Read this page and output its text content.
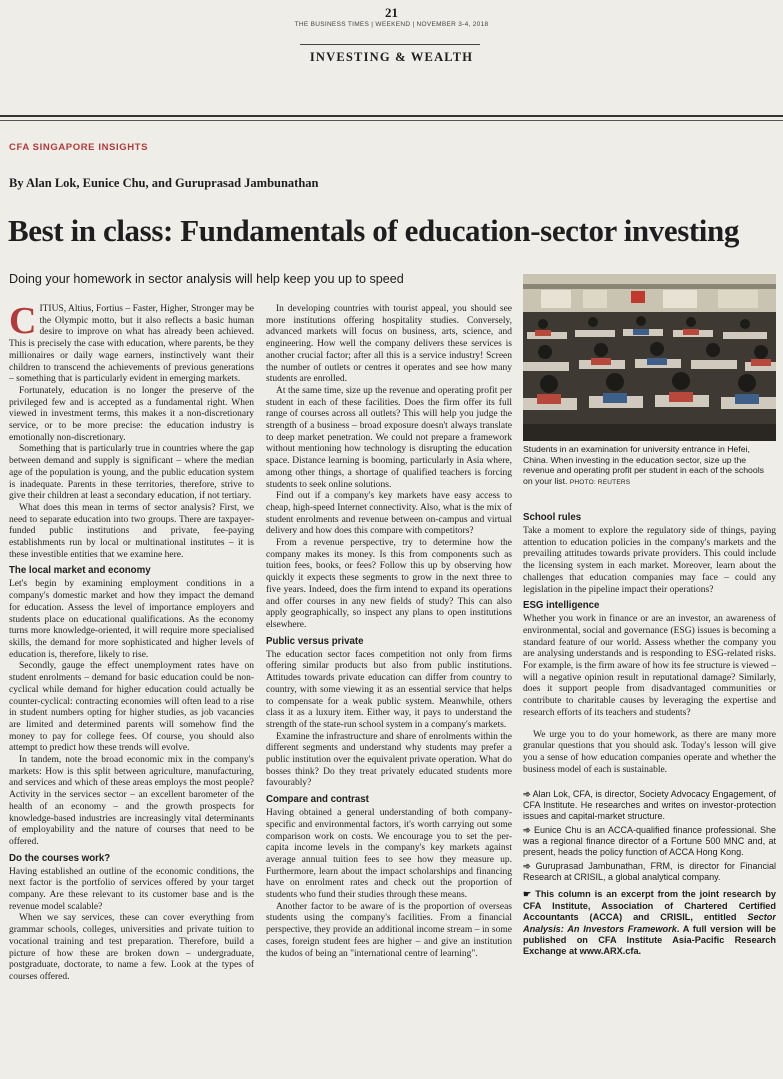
21
THE BUSINESS TIMES | WEEKEND | NOVEMBER 3-4, 2018
INVESTING & WEALTH
CFA SINGAPORE INSIGHTS
By Alan Lok, Eunice Chu, and Guruprasad Jambunathan
Best in class: Fundamentals of education-sector investing
Doing your homework in sector analysis will help keep you up to speed

CITIUS, Altius, Fortius – Faster, Higher, Stronger may be the Olympic motto, but it also reflects a basic human desire to improve on what has already been achieved. This is precisely the case with education, where parents, be they millionaires or daily wage earners, instinctively want their children to transcend the achievements of previous generations – something that is particularly evident in emerging markets.

Fortunately, education is no longer the preserve of the privileged few and is accepted as a fundamental right. When viewed in investment terms, this makes it a non-discretionary service, or to be more precise: the education industry is emotionally non-discretionary.

Something that is particularly true in countries where the gap between demand and supply is significant – where the median age of the population is young, and the public education system is inadequate. Parents in these territories, therefore, strive to give their children at least a secondary education, if not tertiary.

What does this mean in terms of sector analysis? First, we need to separate education into two groups. There are taxpayer-funded public institutions and private, fee-paying establishments run by local or multinational institutes – it is these investible entities that we examine here.

The local market and economy

Let's begin by examining employment conditions in a company's domestic market and how they impact the demand for education. Assess the level of importance employers and students place on educational qualifications. As the economy turns more knowledge-oriented, it will require more specialised skills, the demand for more sophisticated and higher levels of education is, therefore, likely to rise.

Secondly, gauge the effect unemployment rates have on student enrolments – demand for basic education could be non-cyclical while demand for higher education could actually be counter-cyclical: contracting economies will often lead to a rise in student numbers opting for higher studies, as job vacancies are limited and determined parents will somehow find the money to pay for college fees. Of course, you should also attempt to predict how these trends will evolve.

In tandem, note the broad economic mix in the company's markets: How is this split between agriculture, manufacturing, and services and which of these areas employs the most people? Activity in the services sector – an excellent barometer of the health of an economy – and the growth prospects for knowledge-based industries are increasingly vital determinants of employability and the nature of courses that need to be offered.

Do the courses work?

Having established an outline of the economic conditions, the next factor is the portfolio of services offered by your target company. Are these relevant to its customer base and is the revenue model scalable?

When we say services, these can cover everything from grammar schools, colleges, universities and private tuition to vocational training and test preparation. Therefore, build a picture of how these are broken down – undergraduate, postgraduate, doctorate, to name a few. Look at the types of courses offered.

In developing countries with tourist appeal, you should see more institutions offering hospitality studies. Conversely, advanced markets will focus on business, arts, science, and engineering. How well the company delivers these services is another crucial factor; after all this is a service industry! Screen the number of outlets or centres it operates and see how many students are enrolled.

At the same time, size up the revenue and operating profit per student in each of these facilities. Does the firm offer its full range of courses across all outlets? This will help you judge the strength of a business – broad exposure doesn't always translate to deep market penetration. We could not prepare a framework without mentioning how technology is disrupting the education space. Distance learning is booming, particularly in Asia where, among other things, a shortage of qualified teachers is forcing students to seek online solutions.

Find out if a company's key markets have easy access to cheap, high-speed Internet connectivity. Also, what is the mix of student enrolments and revenue between on-campus and virtual delivery and how does this compare with competitors?

From a revenue perspective, try to determine how the company makes its money. Is this from components such as tuition fees, books, or fees? Follow this up by observing how quickly it expects these segments to grow in the next three to five years. Indeed, does the firm intend to expand its operations and offer courses in any new fields of study? This can also apply geographically, so inspect any plans to open institutions elsewhere.

Public versus private

The education sector faces competition not only from firms offering similar products but also from public institutions. Attitudes towards private education can differ from country to country, with some viewing it as an essential service that helps to compensate for a weak public system. Meanwhile, others class it as a luxury item. Either way, it pays to understand the strength of the state-run school system in a company's markets.

Examine the infrastructure and share of enrolments within the different segments and understand why students may prefer a public institution over the equivalent private operation. What do bosses think? Do they treat privately educated students more favourably?

Compare and contrast

Having obtained a general understanding of both company-specific and environmental factors, it's worth carrying out some comparison work on costs. We encourage you to set the per-capita income levels in the company's key markets against average annual tuition fees to see how they measure up. Furthermore, learn about the impact scholarships and financing have on enrolment rates and check out the proportion of students who fund their studies through these means.

Another factor to be aware of is the proportion of overseas students using the company's facilities. From a financial perspective, they provide an additional income stream – in some cases, foreign student fees are higher – and give an institution the kudos of being an "international centre of learning".

Students in an examination for university entrance in Hefei, China. When investing in the education sector, size up the revenue and operating profit per student in each of the schools on your list. PHOTO: REUTERS
School rules

Take a moment to explore the regulatory side of things, paying attention to education policies in the company's markets and the prevailing attitudes towards private providers. This could include the licensing system in each market. Moreover, learn about the challenges that education companies may face – could any legislation in the pipeline impact their operations?

ESG intelligence

Whether you work in finance or are an investor, an awareness of environmental, social and governance (ESG) issues is becoming a standard feature of our world. Assess whether the company you are analysing understands and is responding to ESG-related risks. For example, is the firm aware of how its fee structure is viewed – will a negative opinion result in reputational damage? Similarly, does it support people from disadvantaged communities or contribute to charitable causes by leveraging the expertise and research efforts of its teachers and students?

We urge you to do your homework, as there are many more granular questions that you should ask. Today's lesson will give you a sense of how education companies operate and whether the business model of each is sustainable.

➾ Alan Lok, CFA, is director, Society Advocacy Engagement, of CFA Institute. He researches and writes on investor-protection issues and capital-market structure.

➾ Eunice Chu is an ACCA-qualified finance professional. She was a regional finance director of a Fortune 500 MNC and, at present, heads the policy function of ACCA Hong Kong.

➾ Guruprasad Jambunathan, FRM, is director for Financial Research at CRISIL, a global analytical company.

☛ This column is an excerpt from the joint research by CFA Institute, Association of Chartered Certified Accountants (ACCA) and CRISIL, entitled Sector Analysis: An Investors Framework. A full version will be published on CFA Institute Asia-Pacific Research Exchange at www.ARX.cfa.
